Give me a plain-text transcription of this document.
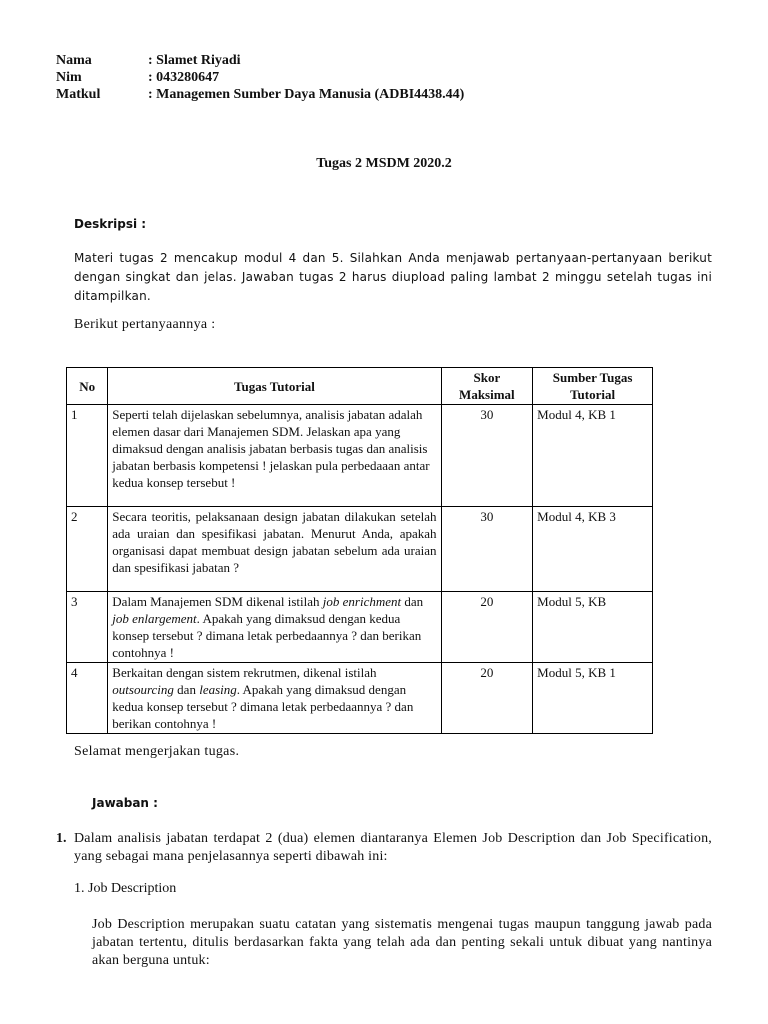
Nama	: Slamet Riyadi
Nim	: 043280647
Matkul	: Managemen Sumber Daya Manusia (ADBI4438.44)
Tugas 2 MSDM 2020.2
Deskripsi :
Materi tugas 2 mencakup modul 4 dan 5. Silahkan Anda menjawab pertanyaan-pertanyaan berikut dengan singkat dan jelas. Jawaban tugas 2 harus diupload paling lambat 2 minggu setelah tugas ini ditampilkan.
Berikut pertanyaannya :
No	Tugas Tutorial	Skor Maksimal	Sumber Tugas Tutorial
1	Seperti telah dijelaskan sebelumnya, analisis jabatan adalah elemen dasar dari Manajemen SDM. Jelaskan apa yang dimaksud dengan analisis jabatan berbasis tugas dan analisis jabatan berbasis kompetensi ! jelaskan pula perbedaaan antar kedua konsep tersebut !	30	Modul 4, KB 1
2	Secara teoritis, pelaksanaan design jabatan dilakukan setelah ada uraian dan spesifikasi jabatan. Menurut Anda, apakah organisasi dapat membuat design jabatan sebelum ada uraian dan spesifikasi jabatan ?	30	Modul 4, KB 3
3	Dalam Manajemen SDM dikenal istilah job enrichment dan job enlargement. Apakah yang dimaksud dengan kedua konsep tersebut ? dimana letak perbedaannya ? dan berikan contohnya !	20	Modul 5, KB
4	Berkaitan dengan sistem rekrutmen, dikenal istilah outsourcing dan leasing. Apakah yang dimaksud dengan kedua konsep tersebut ? dimana letak perbedaannya ? dan berikan contohnya !	20	Modul 5, KB 1
Selamat mengerjakan tugas.
Jawaban :
1. Dalam analisis jabatan terdapat 2 (dua) elemen diantaranya Elemen Job Description dan Job Specification, yang sebagai mana penjelasannya seperti dibawah ini:
1. Job Description
Job Description merupakan suatu catatan yang sistematis mengenai tugas maupun tanggung jawab pada jabatan tertentu, ditulis berdasarkan fakta yang telah ada dan penting sekali untuk dibuat yang nantinya akan berguna untuk:
